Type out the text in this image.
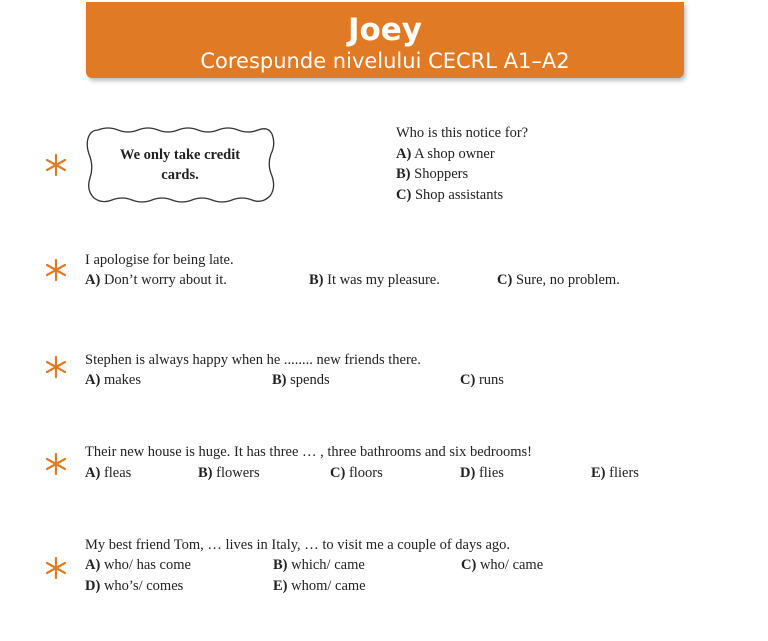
Joey
Corespunde nivelului CECRL A1–A2
We only take credit
cards.
Who is this notice for?
A) A shop owner
B) Shoppers
C) Shop assistants
I apologise for being late.
A) Don’t worry about it.	B) It was my pleasure.	C) Sure, no problem.
Stephen is always happy when he ........ new friends there.
A) makes	B) spends	C) runs
Their new house is huge. It has three … , three bathrooms and six bedrooms!
A) fleas	B) flowers	C) floors	D) flies	E) fliers
My best friend Tom, … lives in Italy, … to visit me a couple of days ago.
A) who/ has come	B) which/ came	C) who/ came
D) who’s/ comes	E) whom/ came
